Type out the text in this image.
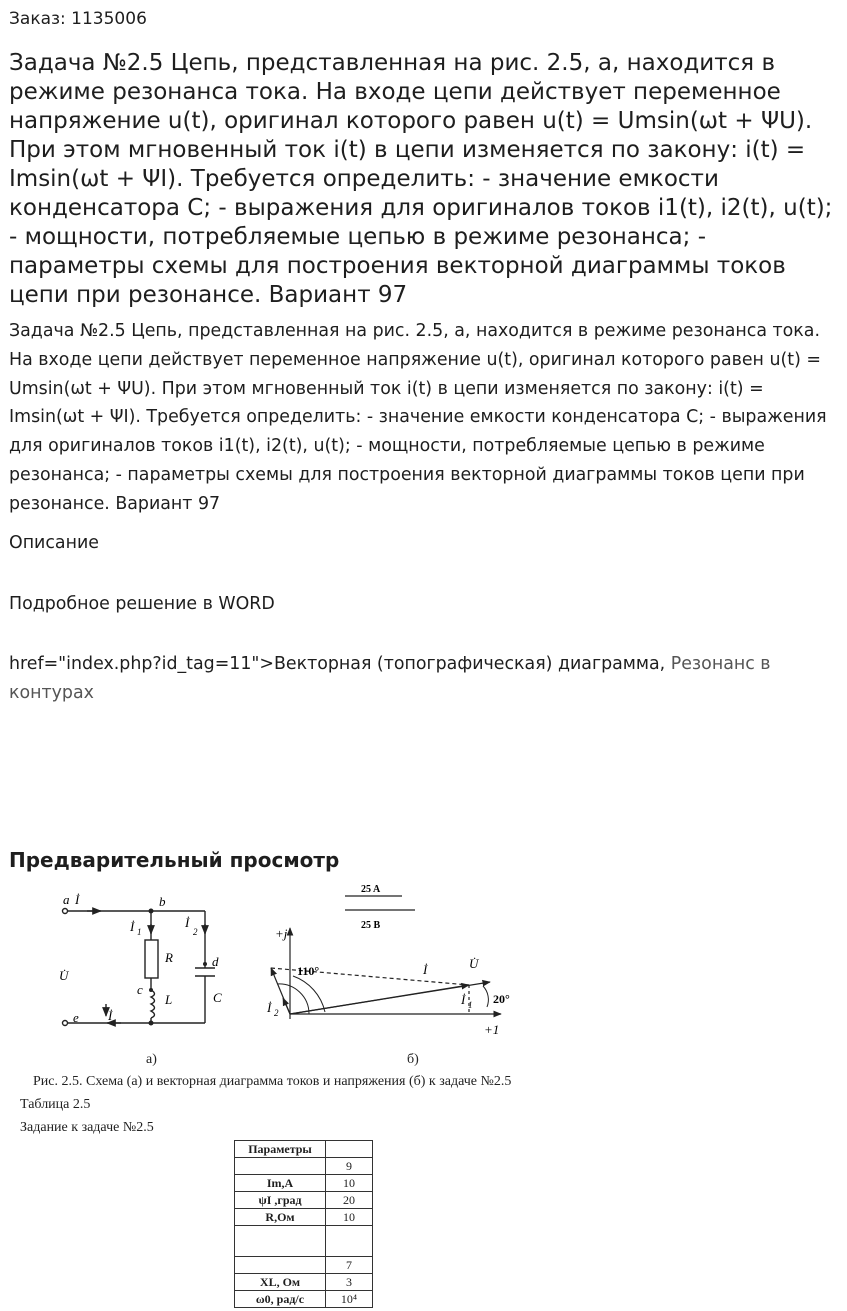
Заказ: 1135006
Задача №2.5 Цепь, представленная на рис. 2.5, а, находится в режиме резонанса тока. На входе цепи действует переменное напряжение u(t), оригинал которого равен u(t) = Umsin(ωt + ΨU). При этом мгновенный ток i(t) в цепи изменяется по закону: i(t) = Imsin(ωt + ΨI). Требуется определить: - значение емкости конденсатора С; - выражения для оригиналов токов i1(t), i2(t), u(t); - мощности, потребляемые цепью в режиме резонанса; - параметры схемы для построения векторной диаграммы токов цепи при резонансе. Вариант 97
Задача №2.5 Цепь, представленная на рис. 2.5, а, находится в режиме резонанса тока. На входе цепи действует переменное напряжение u(t), оригинал которого равен u(t) = Umsin(ωt + ΨU). При этом мгновенный ток i(t) в цепи изменяется по закону: i(t) = Imsin(ωt + ΨI). Требуется определить: - значение емкости конденсатора С; - выражения для оригиналов токов i1(t), i2(t), u(t); - мощности, потребляемые цепью в режиме резонанса; - параметры схемы для построения векторной диаграммы токов цепи при резонансе. Вариант 97
Описание
Подробное решение в WORD
href="index.php?id_tag=11">Векторная (топографическая) диаграмма, Резонанс в контурах
Предварительный просмотр
a İ	b
İ 1
İ
2
R	d
c
L	C
U̇
e İ
25 A
25 B
+j
+1
110°
20°
İ	U̇
İ 1
İ 2
а)	б)
Рис. 2.5. Схема (а) и векторная диаграмма токов и напряжения (б) к задаче №2.5
Таблица 2.5
Задание к задаче №2.5
Параметры	
	9
Im,A	10
ψI ,град	20
R,Ом	10

	7
XL, Ом	3
ω0, рад/с	10⁴
